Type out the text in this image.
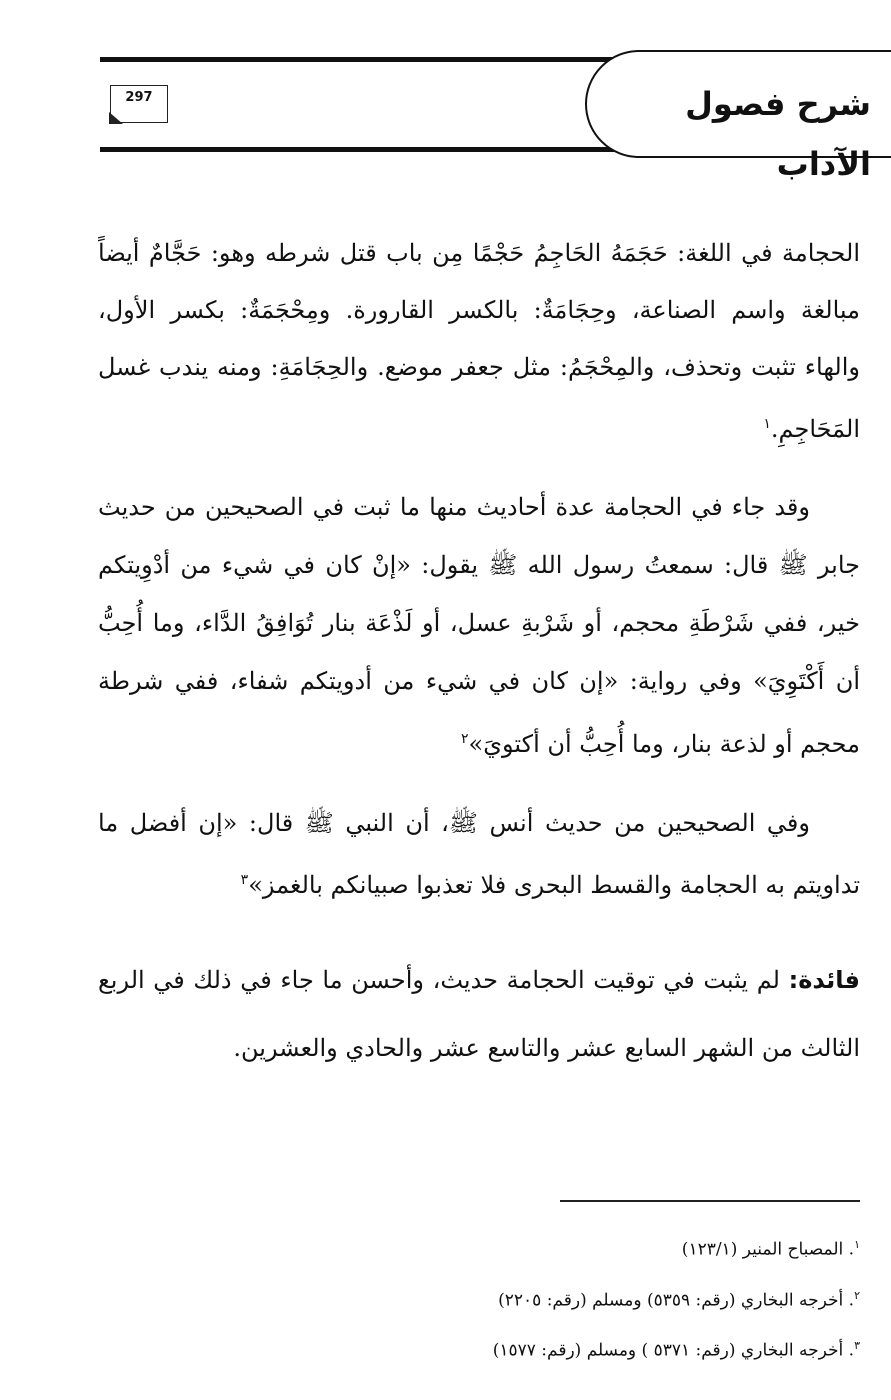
شرح فصول الآداب
297
الحجامة في اللغة: حَجَمَهُ الحَاجِمُ حَجْمًا مِن باب قتل شرطه وهو: حَجَّامٌ أيضاً مبالغة واسم الصناعة، وحِجَامَةٌ: بالكسر القارورة. ومِحْجَمَةٌ: بكسر الأول، والهاء تثبت وتحذف، والمِحْجَمُ: مثل جعفر موضع. والحِجَامَةِ: ومنه يندب غسل المَحَاجِمِ.$^١$
وقد جاء في الحجامة عدة أحاديث منها ما ثبت في الصحيحين من حديث جابر ﷺ قال: سمعتُ رسول الله ﷺ يقول: «إنْ كان في شيء من أدْوِيتكم خير، ففي شَرْطَةِ محجم، أو شَرْبةِ عسل، أو لَذْعَة بنار تُوَافِقُ الدَّاء، وما أُحِبُّ أن أَكْتَوِيَ» وفي رواية: «إن كان في شيء من أدويتكم شفاء، ففي شرطة محجم أو لذعة بنار، وما أُحِبُّ أن أكتويَ»$^٢$
وفي الصحيحين من حديث أنس ﷺ، أن النبي ﷺ قال: «إن أفضل ما تداويتم به الحجامة والقسط البحرى فلا تعذبوا صبيانكم بالغمز»$^٣$
فائدة: لم يثبت في توقيت الحجامة حديث، وأحسن ما جاء في ذلك في الربع الثالث من الشهر السابع عشر والتاسع عشر والحادي والعشرين.
$^١$. المصباح المنير (١٢٣/١)
$^٢$. أخرجه البخاري (رقم: ٥٣٥٩) ومسلم (رقم: ٢٢٠٥)
$^٣$. أخرجه البخاري (رقم: ٥٣٧١ ) ومسلم (رقم: ١٥٧٧)
